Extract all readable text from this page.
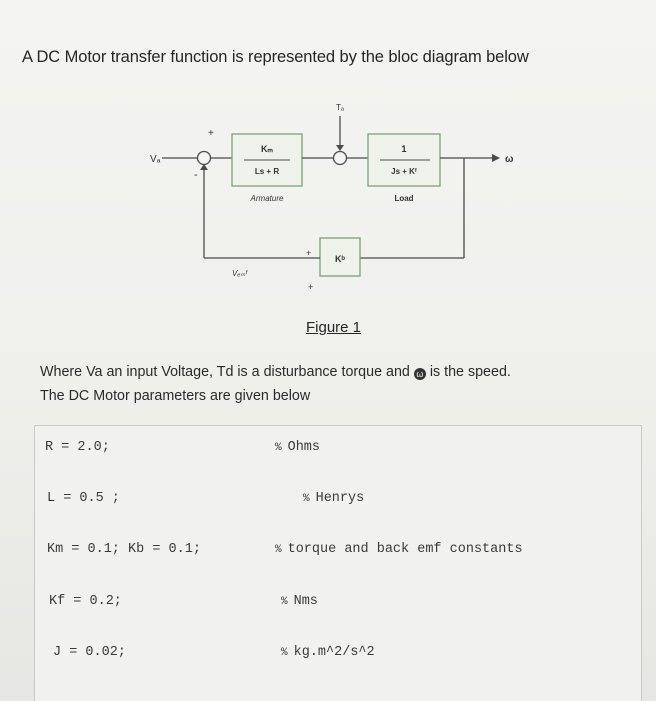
A DC Motor transfer function is represented by the bloc diagram below
Vₐ
+
-
Kₘ
Ls + R
Armature
Tₐ
1
Js + Kᶠ
Load
ω
Kᵇ
Vₑₘᶠ
+
+
Figure 1
Where Va an input Voltage, Td is a disturbance torque and ω is the speed.
The DC Motor parameters are given below
R = 2.0;	% Ohms
L = 0.5 ;	% Henrys
Km = 0.1; Kb = 0.1;	% torque and back emf constants
Kf = 0.2;	% Nms
J = 0.02;	% kg.m^2/s^2
